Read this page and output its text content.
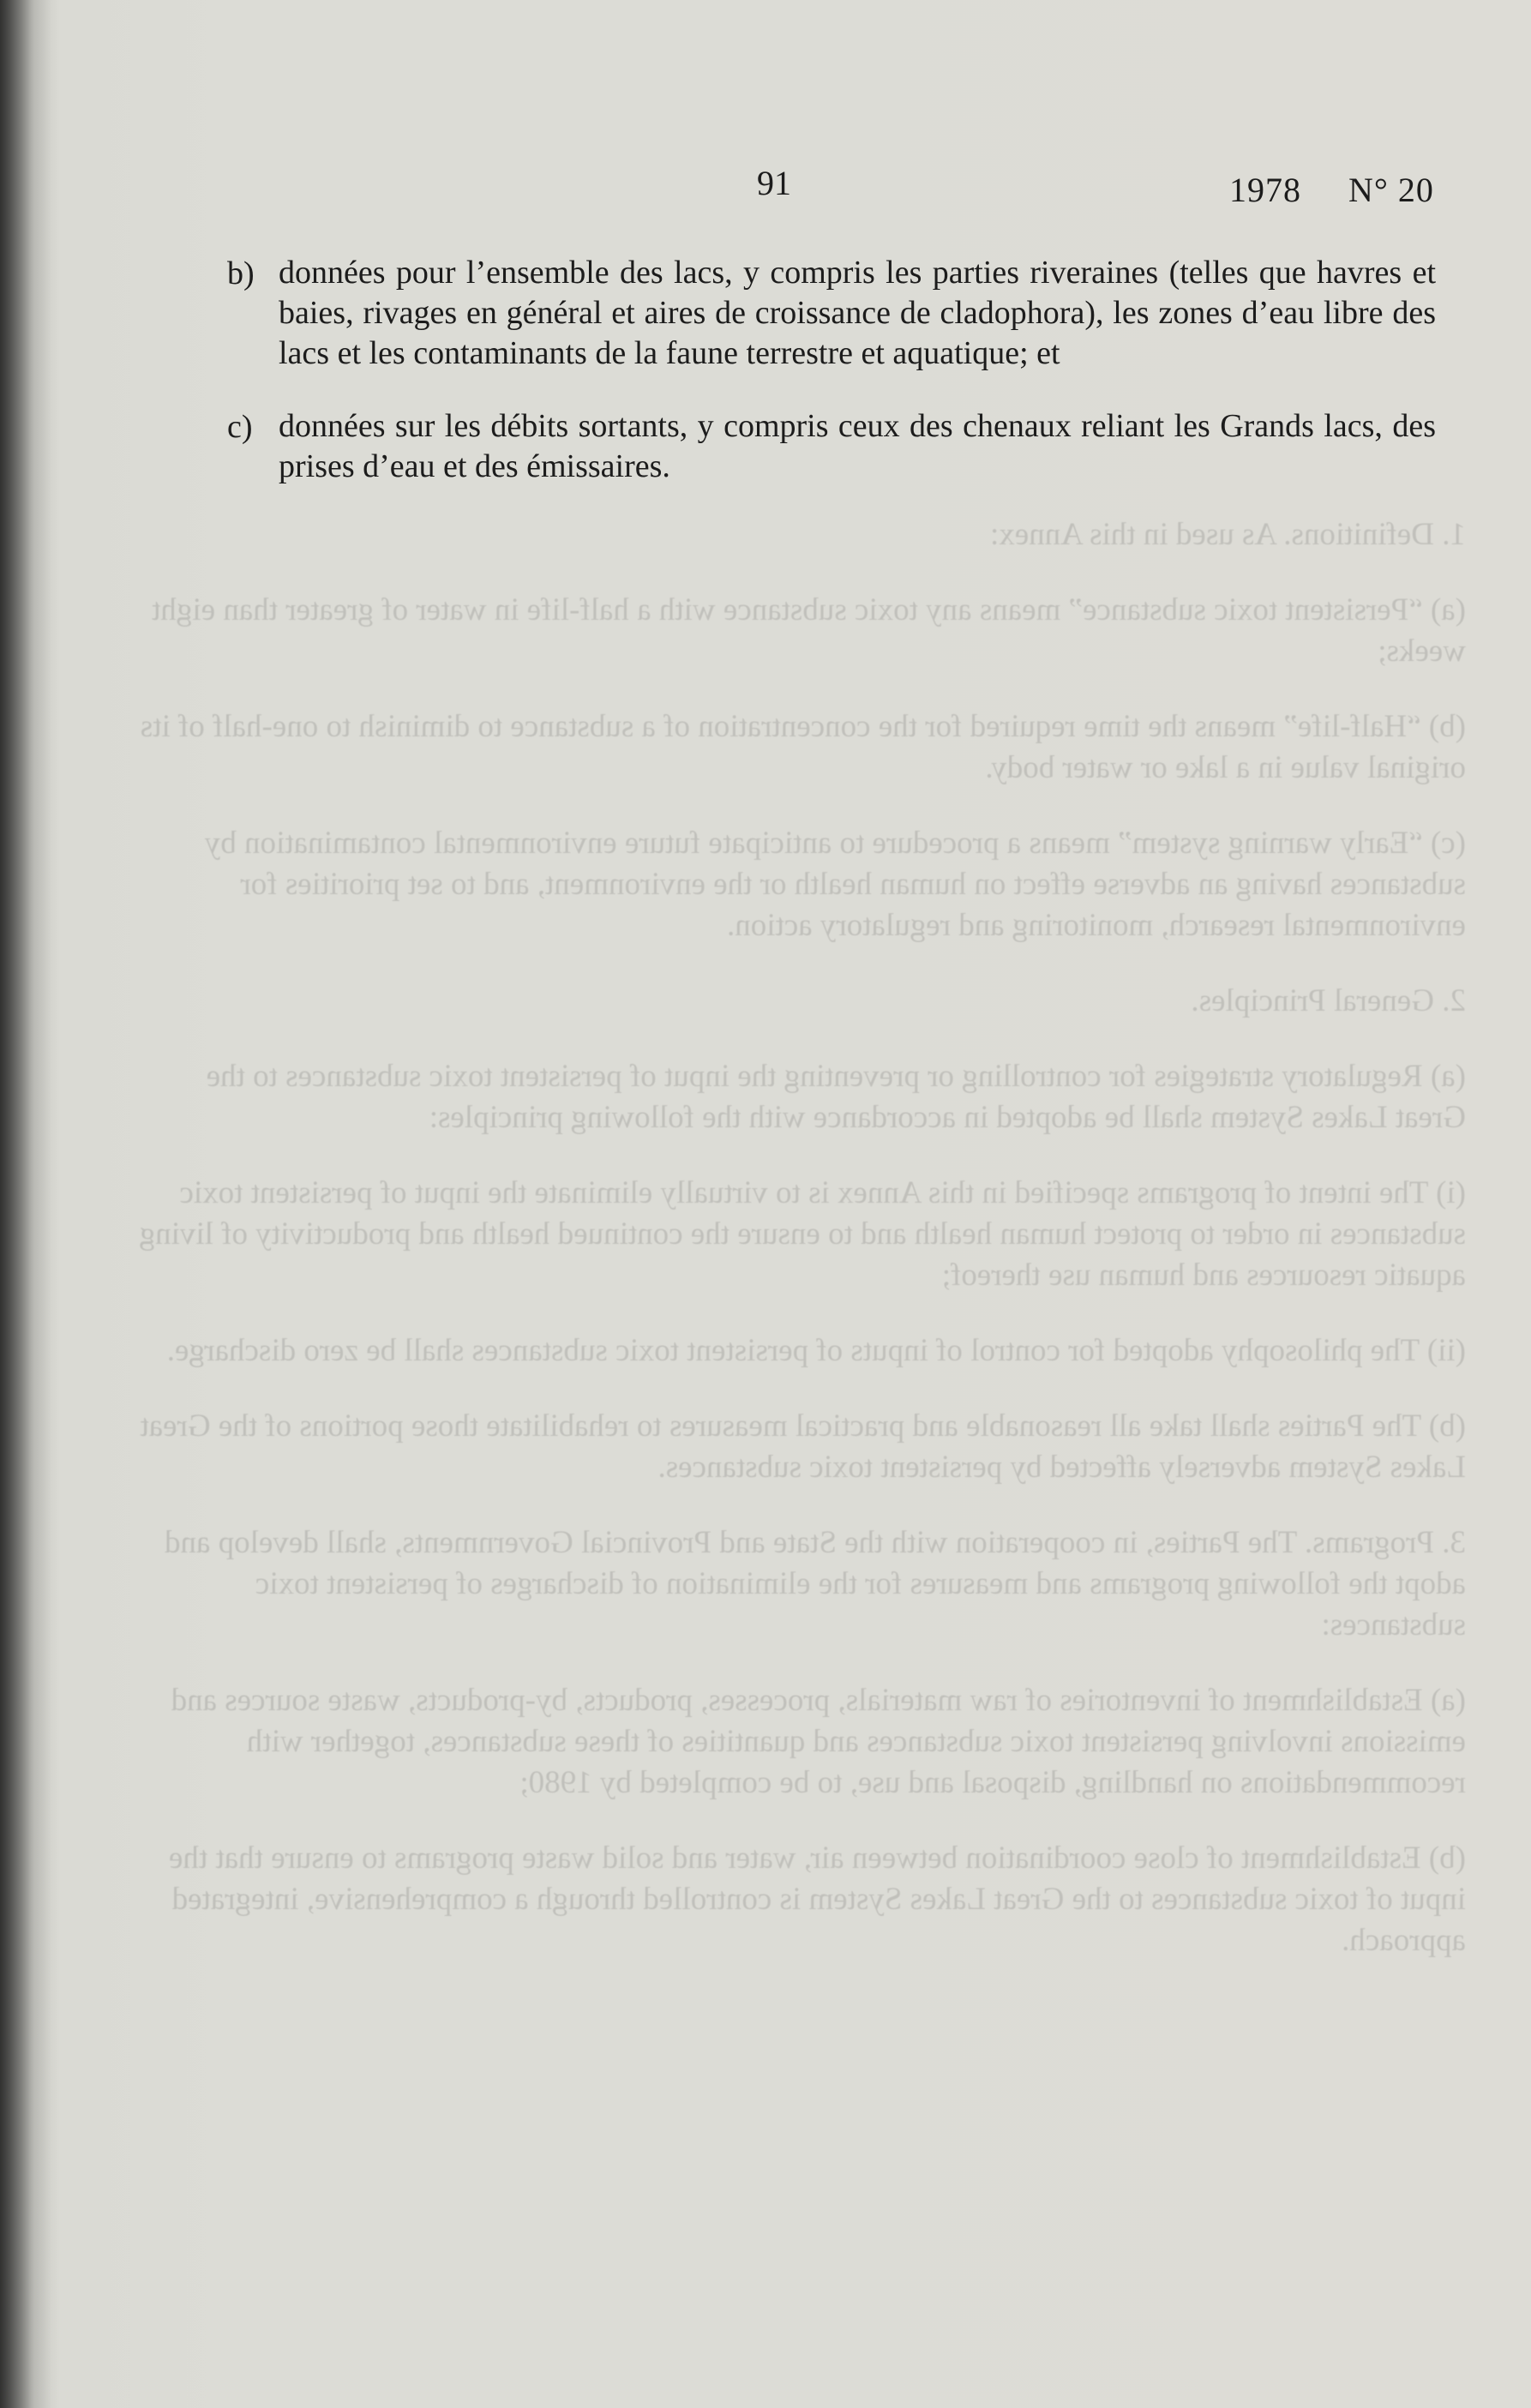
1. Definitions. As used in this Annex:

(a) “Persistent toxic substance” means any toxic substance with a half-life in water of greater than eight weeks;

(b) “Half-life” means the time required for the concentration of a substance to diminish to one-half of its original value in a lake or water body.

(c) “Early warning system” means a procedure to anticipate future environmental contamination by substances having an adverse effect on human health or the environment, and to set priorities for environmental research, monitoring and regulatory action.

2. General Principles.

(a) Regulatory strategies for controlling or preventing the input of persistent toxic substances to the Great Lakes System shall be adopted in accordance with the following principles:

(i) The intent of programs specified in this Annex is to virtually eliminate the input of persistent toxic substances in order to protect human health and to ensure the continued health and productivity of living aquatic resources and human use thereof;

(ii) The philosophy adopted for control of inputs of persistent toxic substances shall be zero discharge.

(b) The Parties shall take all reasonable and practical measures to rehabilitate those portions of the Great Lakes System adversely affected by persistent toxic substances.

3. Programs. The Parties, in cooperation with the State and Provincial Governments, shall develop and adopt the following programs and measures for the elimination of discharges of persistent toxic substances:

(a) Establishment of inventories of raw materials, processes, products, by-products, waste sources and emissions involving persistent toxic substances and quantities of these substances, together with recommendations on handling, disposal and use, to be completed by 1980;

(b) Establishment of close coordination between air, water and solid waste programs to ensure that the input of toxic substances to the Great Lakes System is controlled through a comprehensive, integrated approach.

91	1978     N° 20
b) données pour l’ensemble des lacs, y compris les parties riveraines (telles que havres et baies, rivages en général et aires de croissance de cladophora), les zones d’eau libre des lacs et les contaminants de la faune terrestre et aquatique; et
c) données sur les débits sortants, y compris ceux des chenaux reliant les Grands lacs, des prises d’eau et des émissaires.
